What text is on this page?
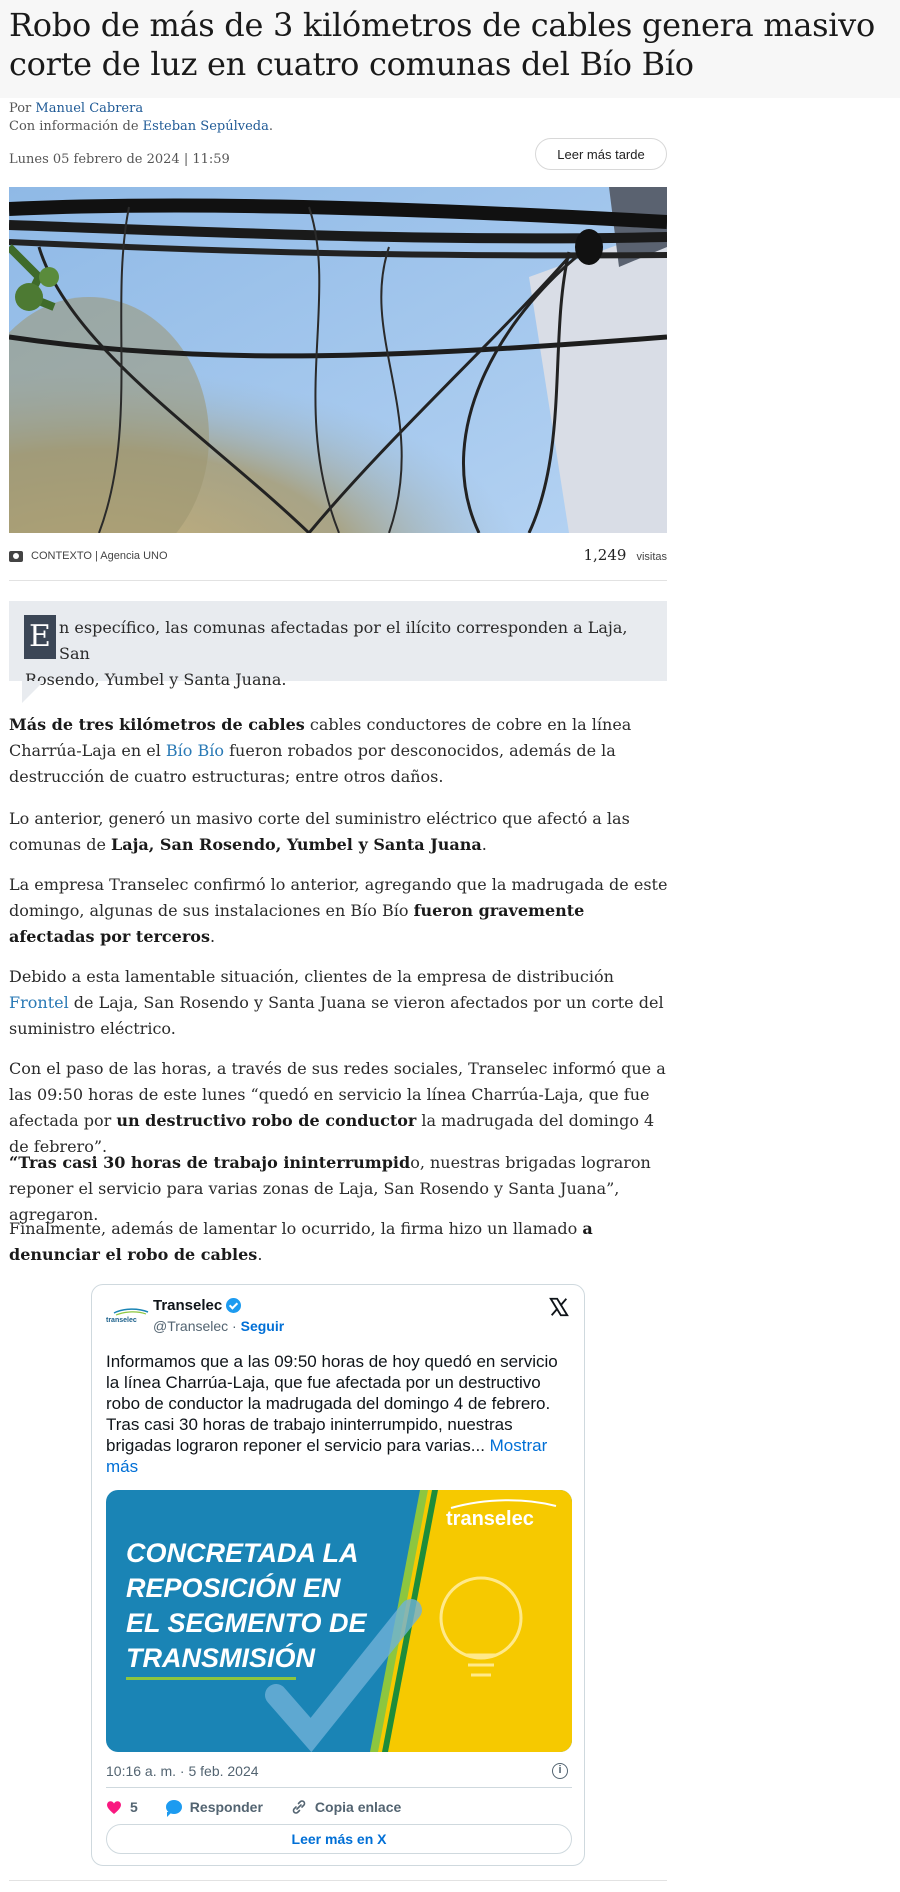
Robo de más de 3 kilómetros de cables genera masivo corte de luz en cuatro comunas del Bío Bío
Por Manuel Cabrera
Con información de Esteban Sepúlveda.
Lunes 05 febrero de 2024 | 11:59	Leer más tarde
CONTEXTO | Agencia UNO	1,249 visitas
E n específico, las comunas afectadas por el ilícito corresponden a Laja, San
Rosendo, Yumbel y Santa Juana.

Más de tres kilómetros de cables cables conductores de cobre en la línea Charrúa-Laja en el Bío Bío fueron robados por desconocidos, además de la destrucción de cuatro estructuras; entre otros daños.

Lo anterior, generó un masivo corte del suministro eléctrico que afectó a las comunas de Laja, San Rosendo, Yumbel y Santa Juana.

La empresa Transelec confirmó lo anterior, agregando que la madrugada de este domingo, algunas de sus instalaciones en Bío Bío fueron gravemente afectadas por terceros.

Debido a esta lamentable situación, clientes de la empresa de distribución Frontel de Laja, San Rosendo y Santa Juana se vieron afectados por un corte del suministro eléctrico.

Con el paso de las horas, a través de sus redes sociales, Transelec informó que a las 09:50 horas de este lunes “quedó en servicio la línea Charrúa-Laja, que fue afectada por un destructivo robo de conductor la madrugada del domingo 4 de febrero”.

“Tras casi 30 horas de trabajo ininterrumpido, nuestras brigadas lograron reponer el servicio para varias zonas de Laja, San Rosendo y Santa Juana”, agregaron.

Finalmente, además de lamentar lo ocurrido, la firma hizo un llamado a denunciar el robo de cables.

transelec
Transelec
@Transelec · Seguir
Informamos que a las 09:50 horas de hoy quedó en servicio la línea Charrúa-Laja, que fue afectada por un destructivo robo de conductor la madrugada del domingo 4 de febrero. Tras casi 30 horas de trabajo ininterrumpido, nuestras brigadas lograron reponer el servicio para varias... Mostrar más
CONCRETADA LA
REPOSICIÓN EN
EL SEGMENTO DE
TRANSMISIÓN
transelec
10:16 a. m. · 5 feb. 2024	i
5	Responder	Copia enlace
Leer más en X
